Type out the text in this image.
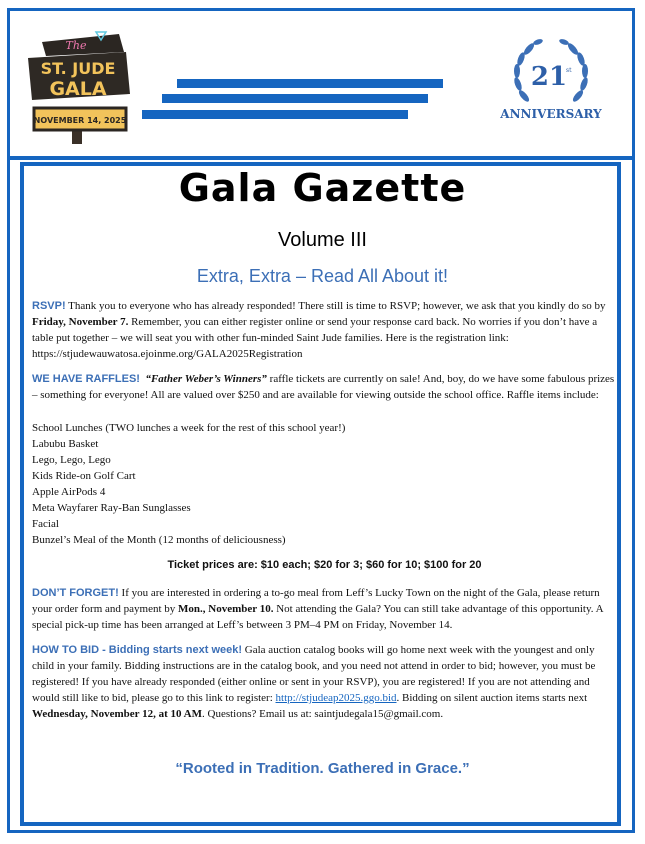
The
ST. JUDE
GALA
NOVEMBER 14, 2025
21
st
ANNIVERSARY
Gala Gazette
Volume III
Extra, Extra – Read All About it!

RSVP! Thank you to everyone who has already responded! There still is time to RSVP; however, we ask that you kindly do so by Friday, November 7. Remember, you can either register online or send your response card back. No worries if you don’t have a table put together – we will seat you with other fun-minded Saint Jude families. Here is the registration link: https://stjudewauwatosa.ejoinme.org/GALA2025Registration

WE HAVE RAFFLES! “Father Weber’s Winners” raffle tickets are currently on sale! And, boy, do we have some fabulous prizes – something for everyone! All are valued over $250 and are available for viewing outside the school office. Raffle items include:

School Lunches (TWO lunches a week for the rest of this school year!)
Labubu Basket
Lego, Lego, Lego
Kids Ride-on Golf Cart
Apple AirPods 4
Meta Wayfarer Ray-Ban Sunglasses
Facial
Bunzel’s Meal of the Month (12 months of deliciousness)
Ticket prices are: $10 each; $20 for 3; $60 for 10; $100 for 20

DON’T FORGET! If you are interested in ordering a to-go meal from Leff’s Lucky Town on the night of the Gala, please return your order form and payment by Mon., November 10. Not attending the Gala? You can still take advantage of this opportunity. A special pick-up time has been arranged at Leff’s between 3 PM–4 PM on Friday, November 14.

HOW TO BID - Bidding starts next week! Gala auction catalog books will go home next week with the youngest and only child in your family. Bidding instructions are in the catalog book, and you need not attend in order to bid; however, you must be registered! If you have already responded (either online or sent in your RSVP), you are registered! If you are not attending and would still like to bid, please go to this link to register: http://stjudeap2025.ggo.bid. Bidding on silent auction items starts next Wednesday, November 12, at 10 AM. Questions? Email us at: saintjudegala15@gmail.com.

“Rooted in Tradition. Gathered in Grace.”
